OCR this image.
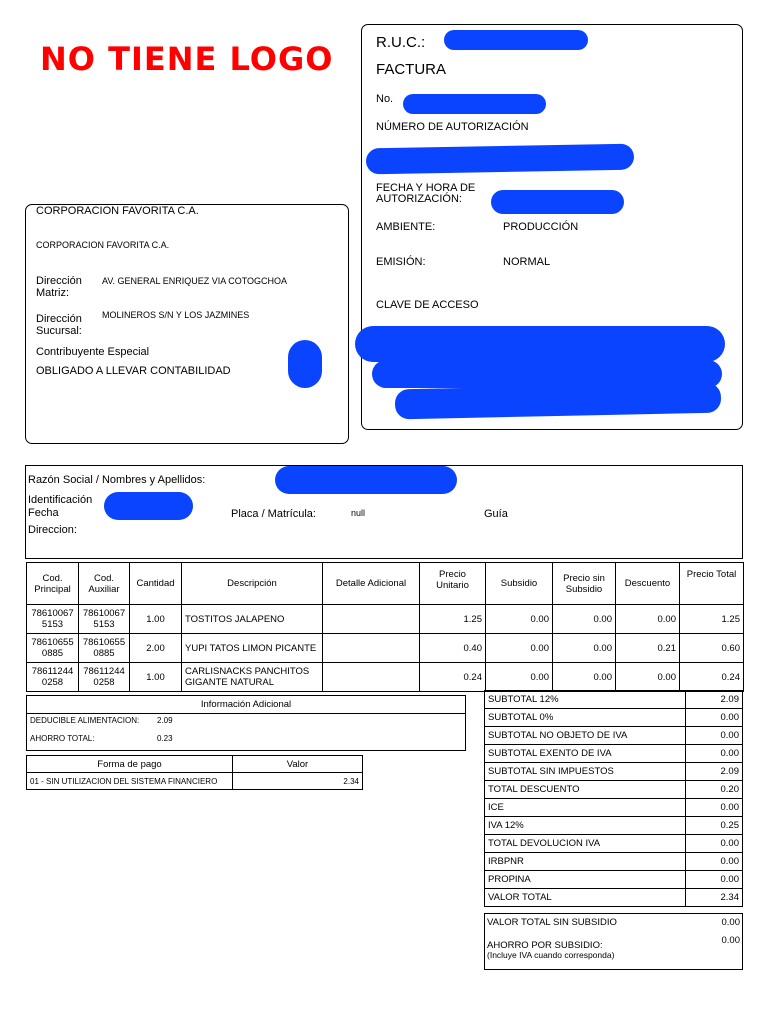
NO TIENE LOGO	R.U.C.:
FACTURA
No.
NÚMERO DE AUTORIZACIÓN
FECHA Y HORA DE AUTORIZACIÓN:
AMBIENTE:	PRODUCCIÓN
EMISIÓN:	NORMAL
CLAVE DE ACCESO
CORPORACION FAVORITA C.A.
CORPORACION FAVORITA C.A.
Dirección Matriz:
AV. GENERAL ENRIQUEZ VIA COTOGCHOA
Dirección Sucursal:
MOLINEROS S/N Y LOS JAZMINES
Contribuyente Especial
OBLIGADO A LLEVAR CONTABILIDAD
Razón Social / Nombres y Apellidos:
Identificación
Fecha	Placa / Matrícula:	null	Guía
Direccion:
Cod. Principal	Cod. Auxiliar	Cantidad	Descripción	Detalle Adicional	Precio Unitario	Subsidio	Precio sin Subsidio	Descuento	Precio Total
786100675153	786100675153	1.00	TOSTITOS JALAPENO		1.25	0.00	0.00	0.00	1.25
786106550885	786106550885	2.00	YUPI TATOS LIMON PICANTE		0.40	0.00	0.00	0.21	0.60
786112440258	786112440258	1.00	CARLISNACKS PANCHITOS GIGANTE NATURAL		0.24	0.00	0.00	0.00	0.24
Información Adicional
DEDUCIBLE ALIMENTACION: 2.09
AHORRO TOTAL:	0.23
Forma de pago	Valor
01 - SIN UTILIZACION DEL SISTEMA FINANCIERO	2.34
SUBTOTAL 12%	2.09
SUBTOTAL 0%	0.00
SUBTOTAL NO OBJETO DE IVA	0.00
SUBTOTAL EXENTO DE IVA	0.00
SUBTOTAL SIN IMPUESTOS	2.09
TOTAL DESCUENTO	0.20
ICE	0.00
IVA 12%	0.25
TOTAL DEVOLUCION IVA	0.00
IRBPNR	0.00
PROPINA	0.00
VALOR TOTAL	2.34
VALOR TOTAL SIN SUBSIDIO	0.00
AHORRO POR SUBSIDIO:	0.00
(Incluye IVA cuando corresponda)
